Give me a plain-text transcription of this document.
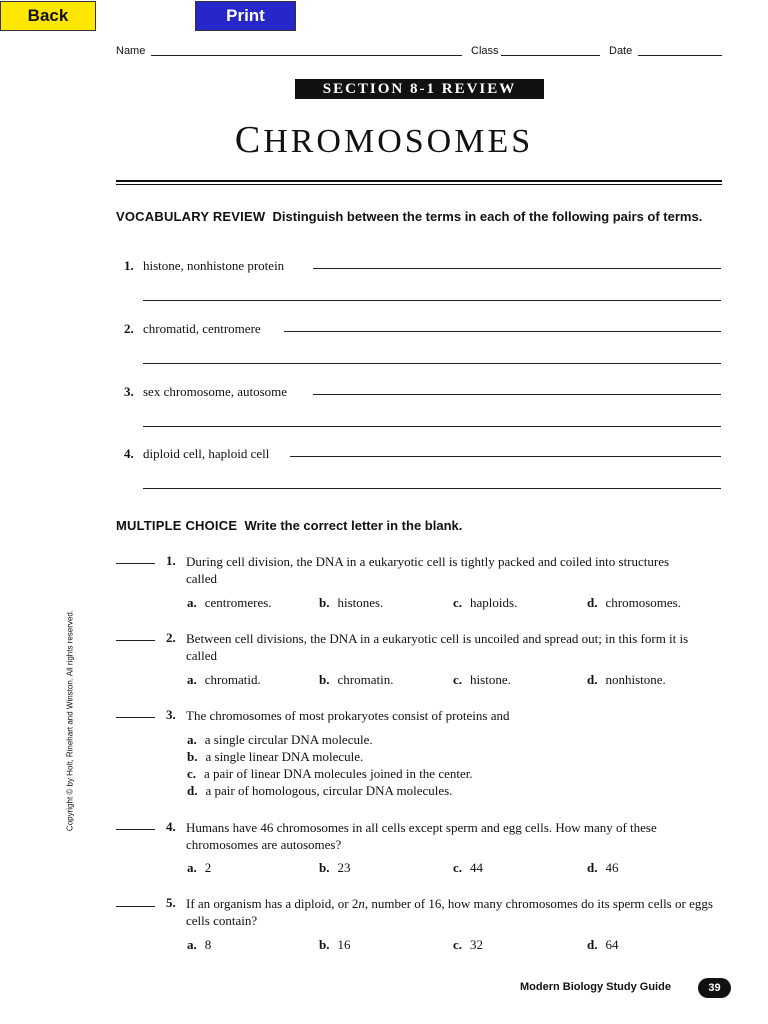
Back	Print
Name	Class	Date
SECTION 8-1 REVIEW
CHROMOSOMES
VOCABULARY REVIEW Distinguish between the terms in each of the following pairs of terms.
1. histone, nonhistone protein
2. chromatid, centromere
3. sex chromosome, autosome
4. diploid cell, haploid cell
MULTIPLE CHOICE Write the correct letter in the blank.
1. During cell division, the DNA in a eukaryotic cell is tightly packed and coiled into structures called
a. centromeres.	b. histones.	c. haploids.	d. chromosomes.
2. Between cell divisions, the DNA in a eukaryotic cell is uncoiled and spread out; in this form it is called
a. chromatid.	b. chromatin.	c. histone.	d. nonhistone.
3. The chromosomes of most prokaryotes consist of proteins and
a. a single circular DNA molecule.
b. a single linear DNA molecule.
c. a pair of linear DNA molecules joined in the center.
d. a pair of homologous, circular DNA molecules.
4. Humans have 46 chromosomes in all cells except sperm and egg cells. How many of these chromosomes are autosomes?
a. 2	b. 23	c. 44	d. 46
5. If an organism has a diploid, or 2n, number of 16, how many chromosomes do its sperm cells or eggs cells contain?
a. 8	b. 16	c. 32	d. 64
Copyright © by Holt, Rinehart and Winston. All rights reserved.
Modern Biology Study Guide	39
